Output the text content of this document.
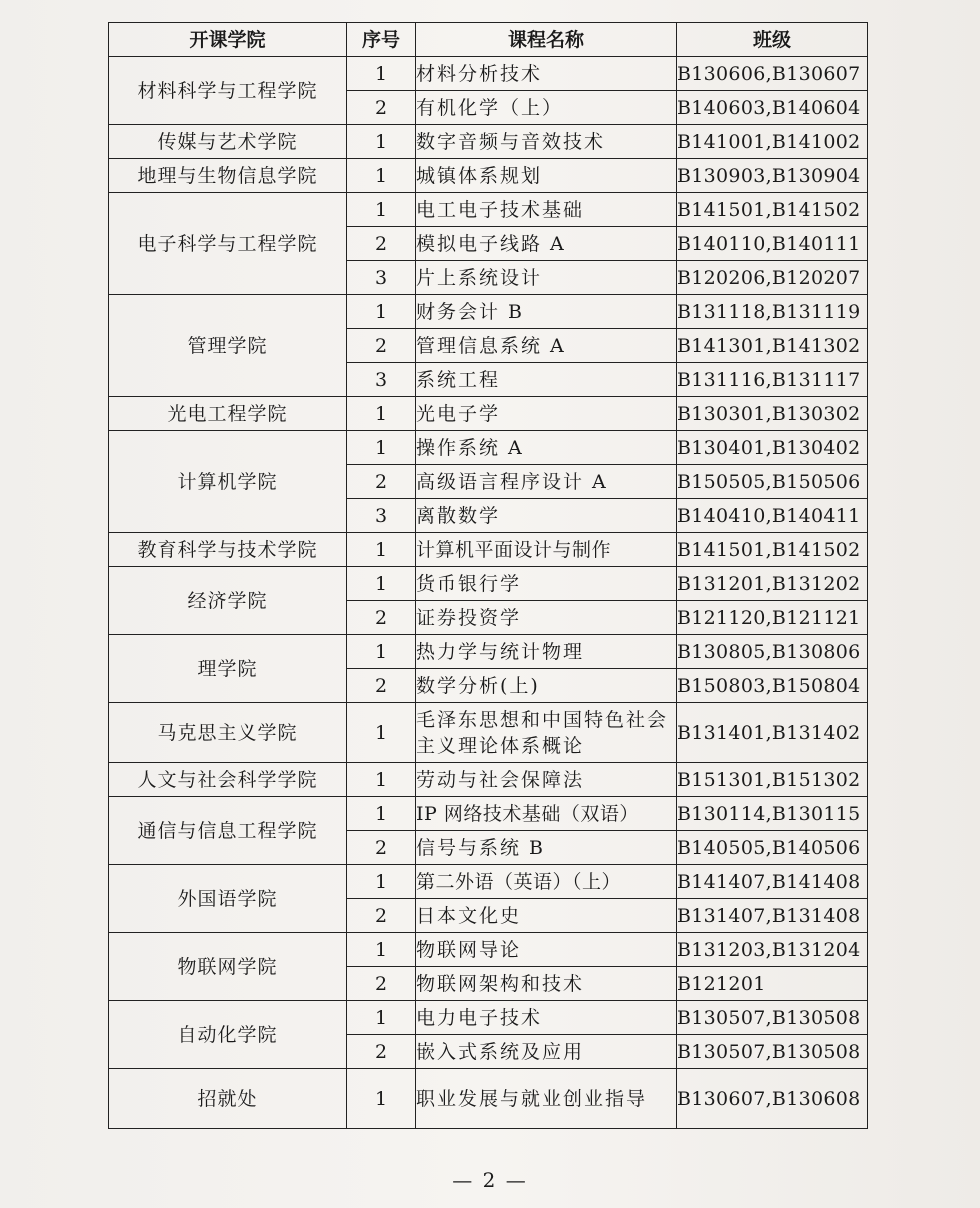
开课学院	序号	课程名称	班级
材料科学与工程学院	1	材料分析技术	B130606,B130607
	2	有机化学（上）	B140603,B140604
传媒与艺术学院	1	数字音频与音效技术	B141001,B141002
地理与生物信息学院	1	城镇体系规划	B130903,B130904
电子科学与工程学院	1	电工电子技术基础	B141501,B141502
	2	模拟电子线路 A	B140110,B140111
	3	片上系统设计	B120206,B120207
管理学院	1	财务会计 B	B131118,B131119
	2	管理信息系统 A	B141301,B141302
	3	系统工程	B131116,B131117
光电工程学院	1	光电子学	B130301,B130302
计算机学院	1	操作系统 A	B130401,B130402
	2	高级语言程序设计 A	B150505,B150506
	3	离散数学	B140410,B140411
教育科学与技术学院	1	计算机平面设计与制作	B141501,B141502
经济学院	1	货币银行学	B131201,B131202
	2	证券投资学	B121120,B121121
理学院	1	热力学与统计物理	B130805,B130806
	2	数学分析(上)	B150803,B150804
马克思主义学院	1	毛泽东思想和中国特色社会主义理论体系概论	B131401,B131402
人文与社会科学学院	1	劳动与社会保障法	B151301,B151302
通信与信息工程学院	1	IP 网络技术基础（双语）	B130114,B130115
	2	信号与系统 B	B140505,B140506
外国语学院	1	第二外语（英语）（上）	B141407,B141408
	2	日本文化史	B131407,B131408
物联网学院	1	物联网导论	B131203,B131204
	2	物联网架构和技术	B121201
自动化学院	1	电力电子技术	B130507,B130508
	2	嵌入式系统及应用	B130507,B130508
招就处	1	职业发展与就业创业指导	B130607,B130608
— 2 —
